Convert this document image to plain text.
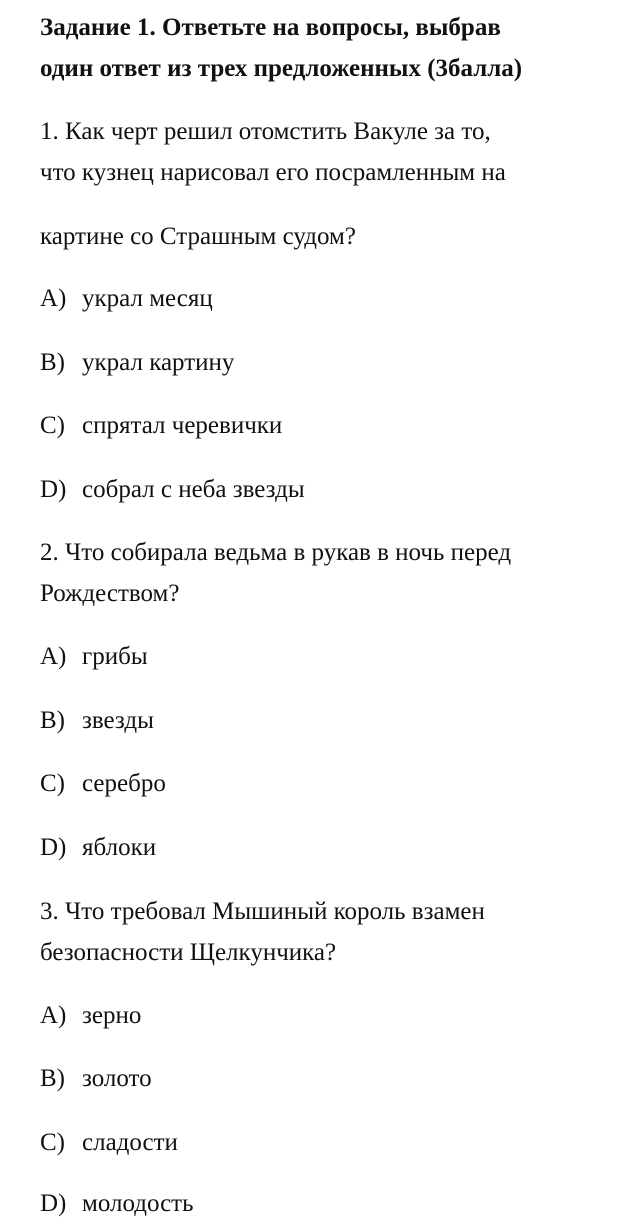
Задание 1. Ответьте на вопросы, выбрав
один ответ из трех предложенных (3балла)
1. Как черт решил отомстить Вакуле за то,
что кузнец нарисовал его посрамленным на
картине со Страшным судом?
A) украл месяц
B) украл картину
C) спрятал черевички
D) собрал с неба звезды
2. Что собирала ведьма в рукав в ночь перед
Рождеством?
A) грибы
B) звезды
C) серебро
D) яблоки
3. Что требовал Мышиный король взамен
безопасности Щелкунчика?
A) зерно
B) золото
C) сладости
D) молодость
